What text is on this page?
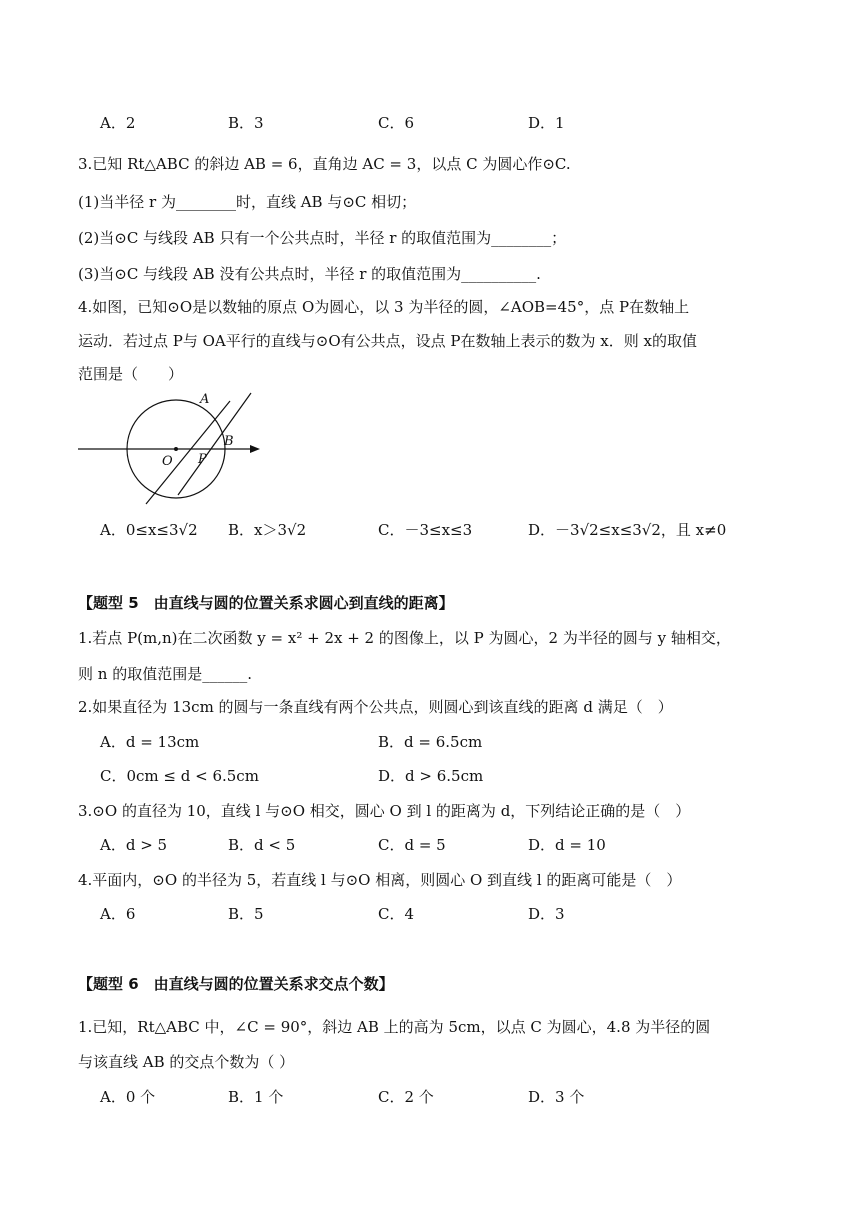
A．2	B．3	C．6	D．1
3.已知 Rt△ABC 的斜边 AB = 6，直角边 AC = 3，以点 C 为圆心作⊙C.
(1)当半径 r 为________时，直线 AB 与⊙C 相切；
(2)当⊙C 与线段 AB 只有一个公共点时，半径 r 的取值范围为________；
(3)当⊙C 与线段 AB 没有公共点时，半径 r 的取值范围为__________.
4.如图，已知⊙O是以数轴的原点 O为圆心，以 3 为半径的圆，∠AOB=45°，点 P在数轴上
运动．若过点 P与 OA平行的直线与⊙O有公共点，设点 P在数轴上表示的数为 x．则 x的取值
范围是（　　）
A
B
O P
A．0≤x≤3√2 B．x＞3√2	C．－3≤x≤3	D．－3√2≤x≤3√2，且 x≠0
【题型 5　由直线与圆的位置关系求圆心到直线的距离】
1.若点 P(m,n)在二次函数 y = x² + 2x + 2 的图像上，以 P 为圆心，2 为半径的圆与 y 轴相交，
则 n 的取值范围是______.
2.如果直径为 13cm 的圆与一条直线有两个公共点，则圆心到该直线的距离 d 满足（　）
A．d = 13cm	B．d = 6.5cm
C．0cm ≤ d < 6.5cm	D．d > 6.5cm
3.⊙O 的直径为 10，直线 l 与⊙O 相交，圆心 O 到 l 的距离为 d，下列结论正确的是（　）
A．d > 5	B．d < 5	C．d = 5	D．d = 10
4.平面内，⊙O 的半径为 5，若直线 l 与⊙O 相离，则圆心 O 到直线 l 的距离可能是（　）
A．6	B．5	C．4	D．3
【题型 6　由直线与圆的位置关系求交点个数】
1.已知，Rt△ABC 中，∠C = 90°，斜边 AB 上的高为 5cm，以点 C 为圆心，4.8 为半径的圆
与该直线 AB 的交点个数为（ ）
A．0 个	B．1 个	C．2 个	D．3 个
